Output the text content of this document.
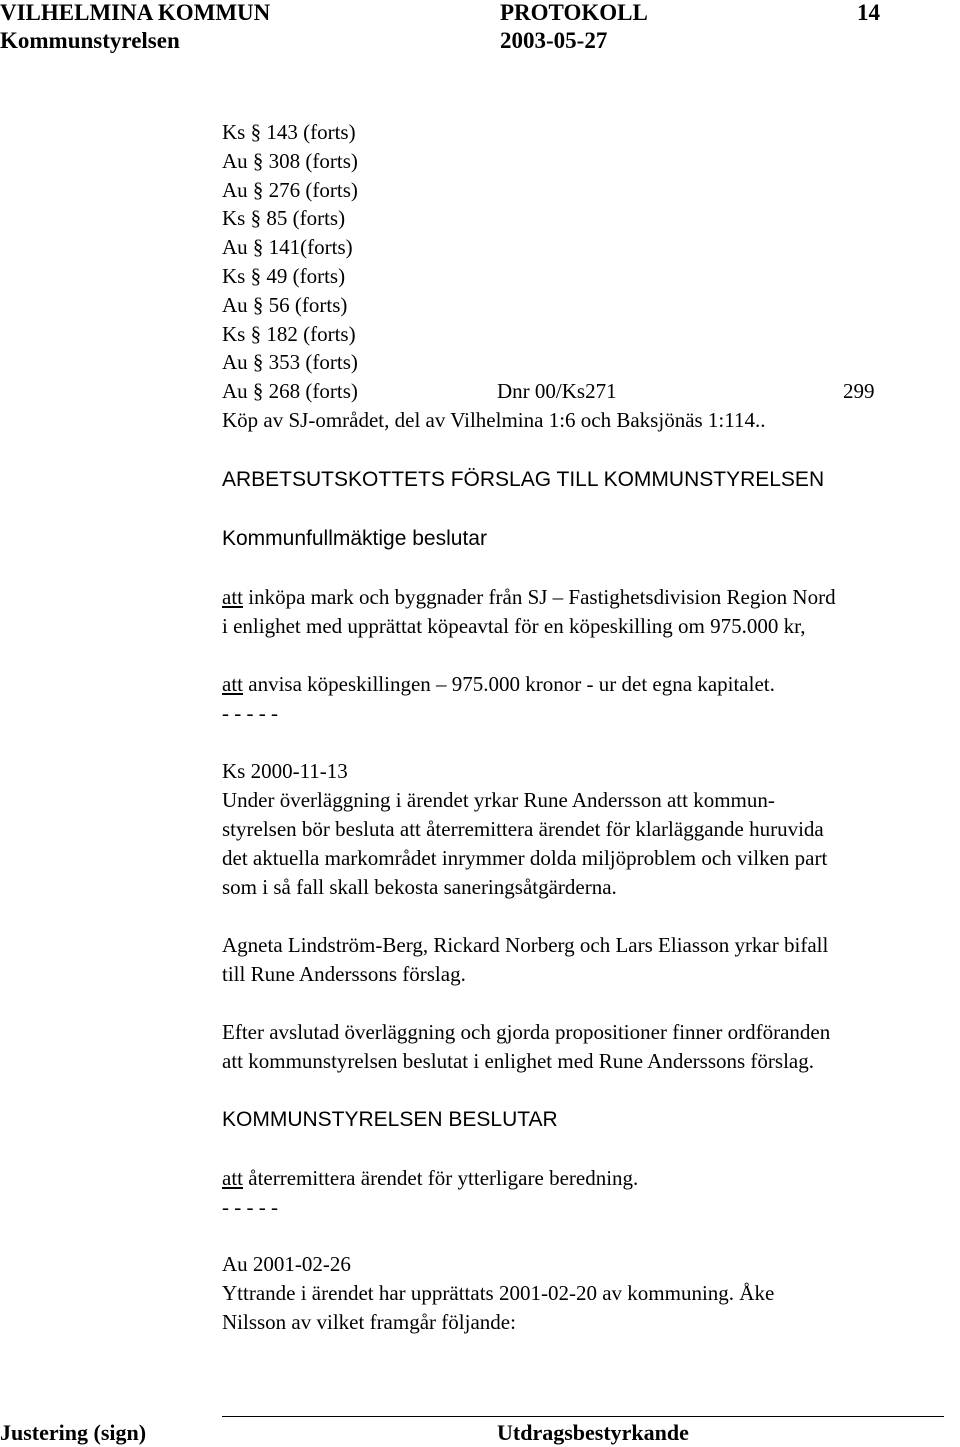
VILHELMINA KOMMUN	PROTOKOLL	14
Kommunstyrelsen	2003-05-27
Ks § 143 (forts)
Au § 308 (forts)
Au § 276 (forts)
Ks § 85 (forts)
Au § 141(forts)
Ks § 49 (forts)
Au § 56 (forts)
Ks § 182 (forts)
Au § 353 (forts)
Au § 268 (forts)	Dnr 00/Ks271	299
Köp av SJ-området, del av Vilhelmina 1:6 och Baksjönäs 1:114..
ARBETSUTSKOTTETS FÖRSLAG TILL KOMMUNSTYRELSEN
Kommunfullmäktige beslutar
att inköpa mark och byggnader från SJ – Fastighetsdivision Region Nord
i enlighet med upprättat köpeavtal för en köpeskilling om 975.000 kr,
att anvisa köpeskillingen – 975.000 kronor - ur det egna kapitalet.
- - - - -
Ks 2000-11-13
Under överläggning i ärendet yrkar Rune Andersson att kommun-
styrelsen bör besluta att återremittera ärendet för klarläggande huruvida
det aktuella markområdet inrymmer dolda miljöproblem och vilken part
som i så fall skall bekosta saneringsåtgärderna.
Agneta Lindström-Berg, Rickard Norberg och Lars Eliasson yrkar bifall
till Rune Anderssons förslag.
Efter avslutad överläggning och gjorda propositioner finner ordföranden
att kommunstyrelsen beslutat i enlighet med Rune Anderssons förslag.
KOMMUNSTYRELSEN BESLUTAR
att återremittera ärendet för ytterligare beredning.
- - - - -
Au 2001-02-26
Yttrande i ärendet har upprättats 2001-02-20 av kommuning. Åke
Nilsson av vilket framgår följande:
Justering (sign)	Utdragsbestyrkande
